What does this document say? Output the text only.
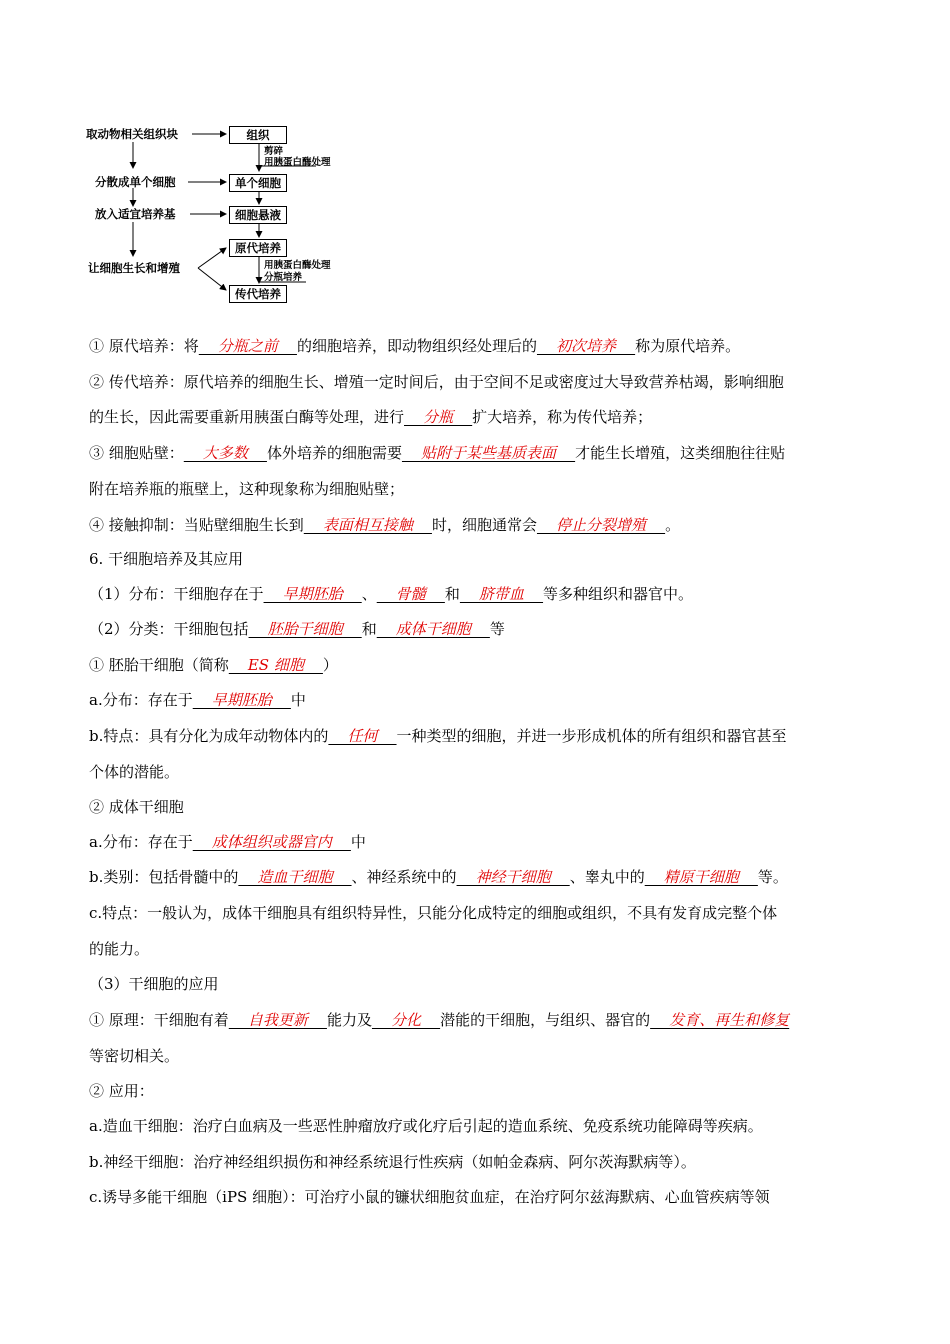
取动物相关组织块
分散成单个细胞
放入适宜培养基
让细胞生长和增殖
组织
单个细胞
细胞悬液
原代培养
传代培养
剪碎
用胰蛋白酶处理
用胰蛋白酶处理
分瓶培养
① 原代培养：将    分瓶之前    的细胞培养，即动物组织经处理后的    初次培养    称为原代培养。
② 传代培养：原代培养的细胞生长、增殖一定时间后，由于空间不足或密度过大导致营养枯竭，影响细胞
的生长，因此需要重新用胰蛋白酶等处理，进行    分瓶    扩大培养，称为传代培养；
③ 细胞贴壁：    大多数    体外培养的细胞需要    贴附于某些基质表面    才能生长增殖，这类细胞往往贴
附在培养瓶的瓶壁上，这种现象称为细胞贴壁；
④ 接触抑制：当贴壁细胞生长到    表面相互接触    时，细胞通常会    停止分裂增殖    。
6. 干细胞培养及其应用
（1）分布：干细胞存在于    早期胚胎    、    骨髓    和    脐带血    等多种组织和器官中。
（2）分类：干细胞包括    胚胎干细胞    和    成体干细胞    等
① 胚胎干细胞（简称    ES 细胞    ）
a.分布：存在于    早期胚胎    中
b.特点：具有分化为成年动物体内的    任何    一种类型的细胞，并进一步形成机体的所有组织和器官甚至
个体的潜能。
② 成体干细胞
a.分布：存在于    成体组织或器官内    中
b.类别：包括骨髓中的    造血干细胞    、神经系统中的    神经干细胞    、睾丸中的    精原干细胞    等。
c.特点：一般认为，成体干细胞具有组织特异性，只能分化成特定的细胞或组织，不具有发育成完整个体
的能力。
（3）干细胞的应用
① 原理：干细胞有着    自我更新    能力及    分化    潜能的干细胞，与组织、器官的    发育、再生和修复
等密切相关。
② 应用：
a.造血干细胞：治疗白血病及一些恶性肿瘤放疗或化疗后引起的造血系统、免疫系统功能障碍等疾病。
b.神经干细胞：治疗神经组织损伤和神经系统退行性疾病（如帕金森病、阿尔茨海默病等）。
c.诱导多能干细胞（iPS 细胞）：可治疗小鼠的镰状细胞贫血症，在治疗阿尔兹海默病、心血管疾病等领
